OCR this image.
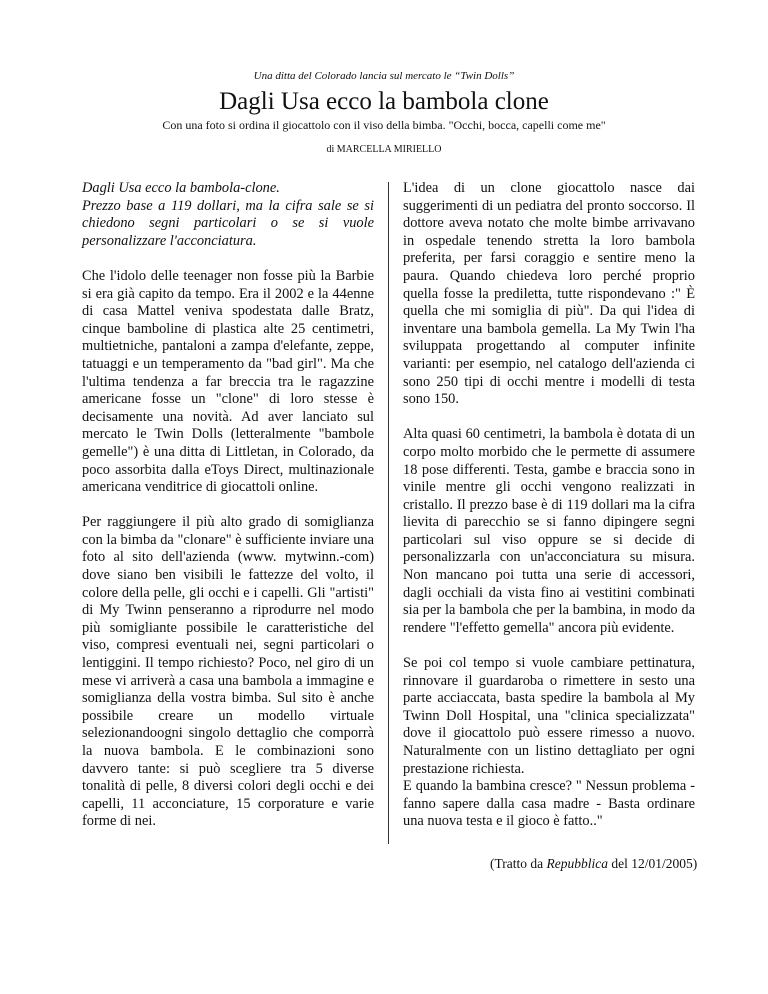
Una ditta del Colorado lancia sul mercato le “Twin Dolls”
Dagli Usa ecco la bambola clone
Con una foto si ordina il giocattolo con il viso della bimba. "Occhi, bocca, capelli come me"
di MARCELLA MIRIELLO

Dagli Usa ecco la bambola-clone.
Prezzo base a 119 dollari, ma la cifra sale se si chiedono segni particolari o se si vuole personalizzare l'acconciatura.

Che l'idolo delle teenager non fosse più la Barbie si era già capito da tempo. Era il 2002 e la 44enne di casa Mattel veniva spodestata dalle Bratz, cinque bamboline di plastica alte 25 centimetri, multietniche, pantaloni a zampa d'elefante, zeppe, tatuaggi e un temperamento da "bad girl". Ma che l'ultima tendenza a far breccia tra le ragazzine americane fosse un "clone" di loro stesse è decisamente una novità. Ad aver lanciato sul mercato le Twin Dolls (letteralmente "bambole gemelle") è una ditta di Littletan, in Colorado, da poco assorbita dalla eToys Direct, multinazionale americana venditrice di giocattoli online.

Per raggiungere il più alto grado di somiglianza con la bimba da "clonare" è sufficiente inviare una foto al sito dell'azienda (www. mytwinn.-com) dove siano ben visibili le fattezze del volto, il colore della pelle, gli occhi e i capelli. Gli "artisti" di My Twinn penseranno a riprodurre nel modo più somigliante possibile le caratteristiche del viso, compresi eventuali nei, segni particolari o lentiggini. Il tempo richiesto? Poco, nel giro di un mese vi arriverà a casa una bambola a immagine e somiglianza della vostra bimba. Sul sito è anche possibile creare un modello virtuale selezionandoogni singolo dettaglio che comporrà la nuova bambola. E le combinazioni sono davvero tante: si può scegliere tra 5 diverse tonalità di pelle, 8 diversi colori degli occhi e dei capelli, 11 acconciature, 15 corporature e varie forme di nei.

L'idea di un clone giocattolo nasce dai suggerimenti di un pediatra del pronto soccorso. Il dottore aveva notato che molte bimbe arrivavano in ospedale tenendo stretta la loro bambola preferita, per farsi coraggio e sentire meno la paura. Quando chiedeva loro perché proprio quella fosse la prediletta, tutte rispondevano :" È quella che mi somiglia di più". Da qui l'idea di inventare una bambola gemella. La My Twin l'ha sviluppata progettando al computer infinite varianti: per esempio, nel catalogo dell'azienda ci sono 250 tipi di occhi mentre i modelli di testa sono 150.

Alta quasi 60 centimetri, la bambola è dotata di un corpo molto morbido che le permette di assumere 18 pose differenti. Testa, gambe e braccia sono in vinile mentre gli occhi vengono realizzati in cristallo. Il prezzo base è di 119 dollari ma la cifra lievita di parecchio se si fanno dipingere segni particolari sul viso oppure se si decide di personalizzarla con un'acconciatura su misura. Non mancano poi tutta una serie di accessori, dagli occhiali da vista fino ai vestitini combinati sia per la bambola che per la bambina, in modo da rendere "l'effetto gemella" ancora più evidente.

Se poi col tempo si vuole cambiare pettinatura, rinnovare il guardaroba o rimettere in sesto una parte acciaccata, basta spedire la bambola al My Twinn Doll Hospital, una "clinica specializzata" dove il giocattolo può essere rimesso a nuovo. Naturalmente con un listino dettagliato per ogni prestazione richiesta.
E quando la bambina cresce? " Nessun problema - fanno sapere dalla casa madre - Basta ordinare una nuova testa e il gioco è fatto.."

(Tratto da Repubblica del 12/01/2005)
